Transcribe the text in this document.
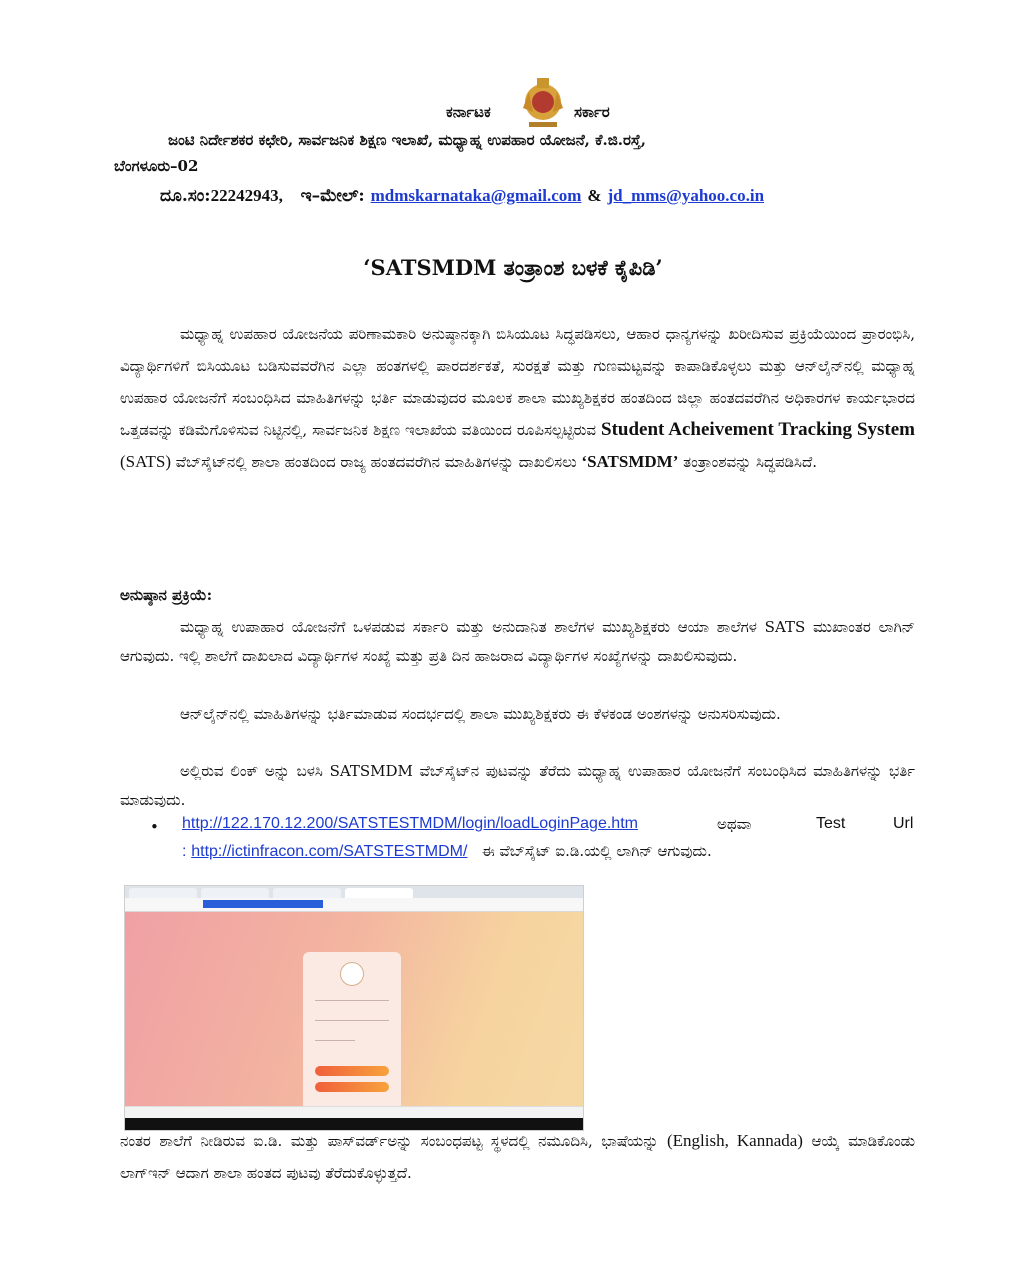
ಕರ್ನಾಟಕ	ಸರ್ಕಾರ
ಜಂಟಿ ನಿರ್ದೇಶಕರ ಕಛೇರಿ, ಸಾರ್ವಜನಿಕ ಶಿಕ್ಷಣ ಇಲಾಖೆ, ಮಧ್ಯಾಹ್ನ ಉಪಹಾರ ಯೋಜನೆ, ಕೆ.ಜಿ.ರಸ್ತೆ,
ಬೆಂಗಳೂರು–02
ದೂ.ಸಂ:22242943, ಇ–ಮೇಲ್: mdmskarnataka@gmail.com & jd_mms@yahoo.co.in
‘SATSMDM ತಂತ್ರಾಂಶ ಬಳಕೆ ಕೈಪಿಡಿ’
ಮಧ್ಯಾಹ್ನ ಉಪಹಾರ ಯೋಜನೆಯ ಪರಿಣಾಮಕಾರಿ ಅನುಷ್ಠಾನಕ್ಕಾಗಿ ಬಿಸಿಯೂಟ ಸಿದ್ಧಪಡಿಸಲು, ಆಹಾರ ಧಾನ್ಯಗಳನ್ನು ಖರೀದಿಸುವ ಪ್ರಕ್ರಿಯೆಯಿಂದ ಪ್ರಾರಂಭಿಸಿ, ವಿದ್ಯಾರ್ಥಿಗಳಿಗೆ ಬಿಸಿಯೂಟ ಬಡಿಸುವವರೆಗಿನ ಎಲ್ಲಾ ಹಂತಗಳಲ್ಲಿ ಪಾರದರ್ಶಕತೆ, ಸುರಕ್ಷತೆ ಮತ್ತು ಗುಣಮಟ್ಟವನ್ನು ಕಾಪಾಡಿಕೊಳ್ಳಲು ಮತ್ತು ಆನ್‌ಲೈನ್‌ನಲ್ಲಿ ಮಧ್ಯಾಹ್ನ ಉಪಹಾರ ಯೋಜನೆಗೆ ಸಂಬಂಧಿಸಿದ ಮಾಹಿತಿಗಳನ್ನು ಭರ್ತಿ ಮಾಡುವುದರ ಮೂಲಕ ಶಾಲಾ ಮುಖ್ಯಶಿಕ್ಷಕರ ಹಂತದಿಂದ ಜಿಲ್ಲಾ ಹಂತದವರೆಗಿನ ಅಧಿಕಾರಗಳ ಕಾರ್ಯಭಾರದ ಒತ್ತಡವನ್ನು ಕಡಿಮೆಗೊಳಿಸುವ ನಿಟ್ಟಿನಲ್ಲಿ, ಸಾರ್ವಜನಿಕ ಶಿಕ್ಷಣ ಇಲಾಖೆಯ ವತಿಯಿಂದ ರೂಪಿಸಲ್ಪಟ್ಟಿರುವ Student Acheivement Tracking System (SATS) ವೆಬ್‌ಸೈಟ್‌ನಲ್ಲಿ ಶಾಲಾ ಹಂತದಿಂದ ರಾಜ್ಯ ಹಂತದವರೆಗಿನ ಮಾಹಿತಿಗಳನ್ನು ದಾಖಲಿಸಲು ‘SATSMDM’ ತಂತ್ರಾಂಶವನ್ನು ಸಿದ್ಧಪಡಿಸಿದೆ.
ಅನುಷ್ಠಾನ ಪ್ರಕ್ರಿಯೆ:
ಮಧ್ಯಾಹ್ನ ಉಪಾಹಾರ ಯೋಜನೆಗೆ ಒಳಪಡುವ ಸರ್ಕಾರಿ ಮತ್ತು ಅನುದಾನಿತ ಶಾಲೆಗಳ ಮುಖ್ಯಶಿಕ್ಷಕರು ಆಯಾ ಶಾಲೆಗಳ SATS ಮುಖಾಂತರ ಲಾಗಿನ್ ಆಗುವುದು. ಇಲ್ಲಿ ಶಾಲೆಗೆ ದಾಖಲಾದ ವಿದ್ಯಾರ್ಥಿಗಳ ಸಂಖ್ಯೆ ಮತ್ತು ಪ್ರತಿ ದಿನ ಹಾಜರಾದ ವಿದ್ಯಾರ್ಥಿಗಳ ಸಂಖ್ಯೆಗಳನ್ನು ದಾಖಲಿಸುವುದು.
ಆನ್‌ಲೈನ್‌ನಲ್ಲಿ ಮಾಹಿತಿಗಳನ್ನು ಭರ್ತಿಮಾಡುವ ಸಂದರ್ಭದಲ್ಲಿ ಶಾಲಾ ಮುಖ್ಯಶಿಕ್ಷಕರು ಈ ಕೆಳಕಂಡ ಅಂಶಗಳನ್ನು ಅನುಸರಿಸುವುದು.
ಅಲ್ಲಿರುವ ಲಿಂಕ್ ಅನ್ನು ಬಳಸಿ SATSMDM ವೆಬ್‌ಸೈಟ್‌ನ ಪುಟವನ್ನು ತೆರೆದು ಮಧ್ಯಾಹ್ನ ಉಪಾಹಾರ ಯೋಜನೆಗೆ ಸಂಬಂಧಿಸಿದ ಮಾಹಿತಿಗಳನ್ನು ಭರ್ತಿ ಮಾಡುವುದು.
• http://122.170.12.200/SATSTESTMDM/login/loadLoginPage.htm	ಅಥವಾ	Test	Url
: http://ictinfracon.com/SATSTESTMDM/ ಈ ವೆಬ್‌ಸೈಟ್ ಐ.ಡಿ.ಯಲ್ಲಿ ಲಾಗಿನ್ ಆಗುವುದು.
ನಂತರ ಶಾಲೆಗೆ ನೀಡಿರುವ ಐ.ಡಿ. ಮತ್ತು ಪಾಸ್‌ವರ್ಡ್‌ಅನ್ನು ಸಂಬಂಧಪಟ್ಟ ಸ್ಥಳದಲ್ಲಿ ನಮೂದಿಸಿ, ಭಾಷೆಯನ್ನು (English, Kannada) ಆಯ್ಕೆ ಮಾಡಿಕೊಂಡು ಲಾಗ್‌ಇನ್ ಆದಾಗ ಶಾಲಾ ಹಂತದ ಪುಟವು ತೆರೆದುಕೊಳ್ಳುತ್ತದೆ.
